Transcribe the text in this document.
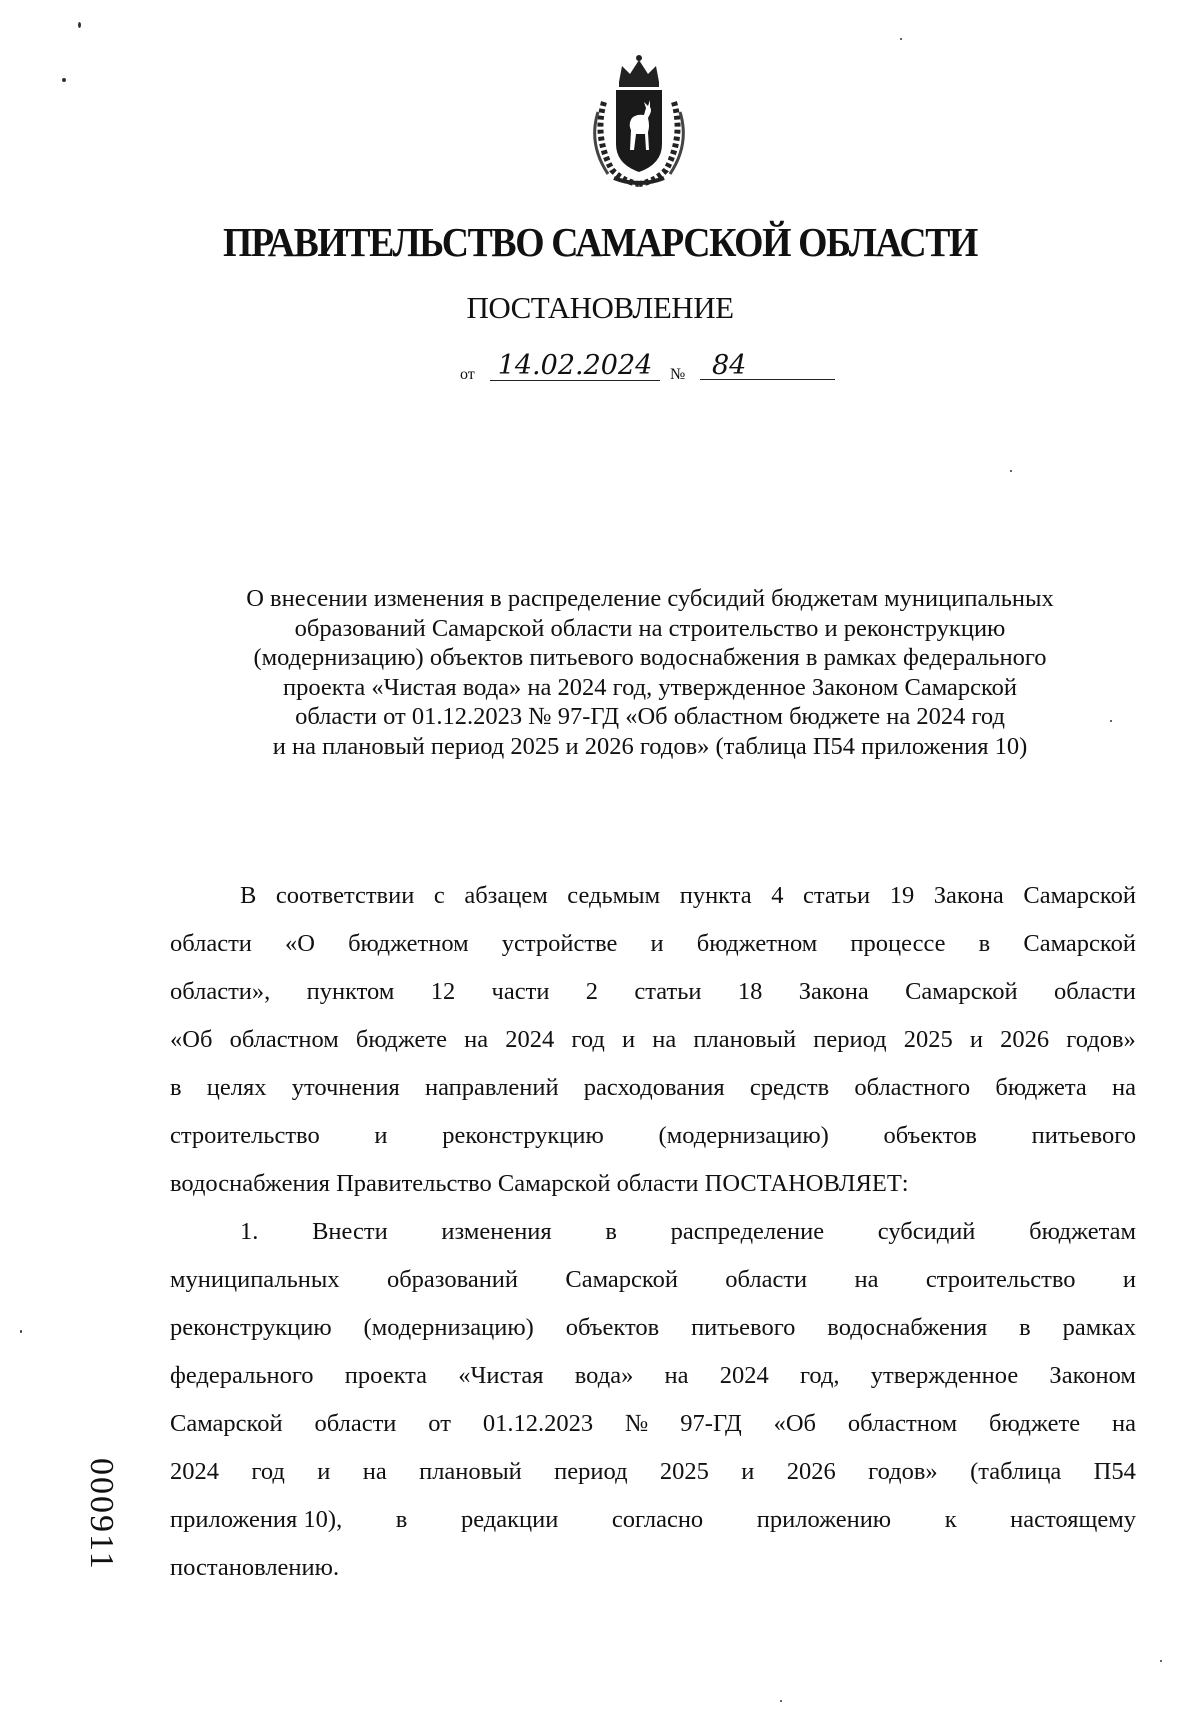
ПРАВИТЕЛЬСТВО САМАРСКОЙ ОБЛАСТИ
ПОСТАНОВЛЕНИЕ
от 14.02.2024	№ 84
О внесении изменения в распределение субсидий бюджетам муниципальных
образований Самарской области на строительство и реконструкцию
(модернизацию) объектов питьевого водоснабжения в рамках федерального
проекта «Чистая вода» на 2024 год, утвержденное Законом Самарской
области от 01.12.2023 № 97-ГД «Об областном бюджете на 2024 год
и на плановый период 2025 и 2026 годов» (таблица П54 приложения 10)
В соответствии с абзацем седьмым пункта 4 статьи 19 Закона Самарской
области «О бюджетном устройстве и бюджетном процессе в Самарской
области», пунктом 12 части 2 статьи 18 Закона Самарской области
«Об областном бюджете на 2024 год и на плановый период 2025 и 2026 годов»
в целях уточнения направлений расходования средств областного бюджета на
строительство и реконструкцию (модернизацию) объектов питьевого
водоснабжения Правительство Самарской области ПОСТАНОВЛЯЕТ:
1. Внести изменения в распределение субсидий бюджетам
муниципальных образований Самарской области на строительство и
реконструкцию (модернизацию) объектов питьевого водоснабжения в рамках
федерального проекта «Чистая вода» на 2024 год, утвержденное Законом
Самарской области от 01.12.2023 № 97-ГД «Об областном бюджете на
2024 год и на плановый период 2025 и 2026 годов» (таблица П54
приложения 10), в редакции согласно приложению к настоящему
постановлению.
000911
